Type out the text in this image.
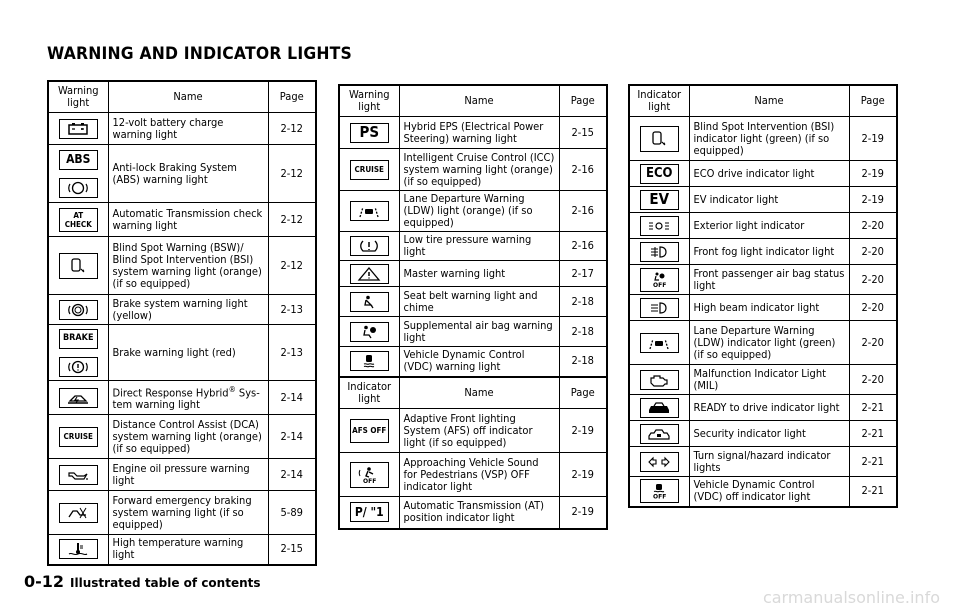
WARNING AND INDICATOR LIGHTS
Warning light	Name	Page

	12-volt battery charge warning light	2-12

ABS	Anti-lock Braking System (ABS) warning light	2-12
AT CHECK	Automatic Transmission check warning light	2-12

	Blind Spot Warning (BSW)/ Blind Spot Intervention (BSI) system warning light (orange) (if so equipped)	2-12

	Brake system warning light (yellow)	2-13

BRAKE	Brake warning light (red)	2-13

	Direct Response Hybrid® Sys- tem warning light	2-14
CRUISE	Distance Control Assist (DCA) system warning light (orange) (if so equipped)	2-14

	Engine oil pressure warning light	2-14

	Forward emergency braking system warning light (if so equipped)	5-89

	High temperature warning light	2-15
Warning light	Name	Page
PS	Hybrid EPS (Electrical Power Steering) warning light	2-15
CRUISE	Intelligent Cruise Control (ICC) system warning light (orange) (if so equipped)	2-16

	Lane Departure Warning (LDW) light (orange) (if so equipped)	2-16

	Low tire pressure warning light	2-16

	Master warning light	2-17

	Seat belt warning light and chime	2-18

	Supplemental air bag warning light	2-18

	Vehicle Dynamic Control (VDC) warning light	2-18
Indicator light	Name	Page
AFS OFF	Adaptive Front lighting System (AFS) off indicator light (if so equipped)	2-19

OFF	Approaching Vehicle Sound for Pedestrians (VSP) OFF indicator light	2-19
P/ "1	Automatic Transmission (AT) position indicator light	2-19
Indicator light	Name	Page

	Blind Spot Intervention (BSI) indicator light (green) (if so equipped)	2-19
ECO	ECO drive indicator light	2-19
EV	EV indicator light	2-19

	Exterior light indicator	2-20

	Front fog light indicator light	2-20

OFF	Front passenger air bag status light	2-20

	High beam indicator light	2-20

	Lane Departure Warning (LDW) indicator light (green) (if so equipped)	2-20

	Malfunction Indicator Light (MIL)	2-20

	READY to drive indicator light	2-21

	Security indicator light	2-21

	Turn signal/hazard indicator lights	2-21

OFF	Vehicle Dynamic Control (VDC) off indicator light	2-21
0-12 Illustrated table of contents
carmanualsonline.info
